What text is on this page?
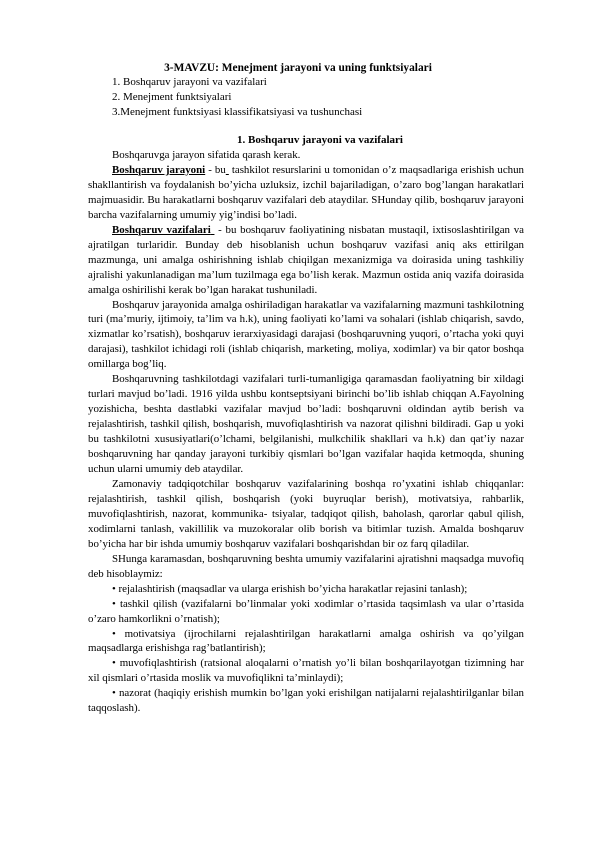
3-MAVZU: Menejment jarayoni va uning funktsiyalari
1. Boshqaruv jarayoni va vazifalari
2. Menejment funktsiyalari
3.Menejment funktsiyasi klassifikatsiyasi va tushunchasi
1. Boshqaruv jarayoni va vazifalari

Boshqaruvga jarayon sifatida qarash kerak.

Boshqaruv jarayoni - bu  tashkilot resurslarini u tomonidan o’z maqsadlariga erishish uchun shakllantirish va foydalanish bo’yicha uzluksiz, izchil bajariladigan, o’zaro bog’langan harakatlari majmuasidir. Bu harakatlarni boshqaruv vazifalari deb ataydilar. SHunday qilib, boshqaruv jarayoni barcha vazifalarning umumiy yig’indisi bo’ladi.

Boshqaruv vazifalari  - bu boshqaruv faoliyatining nisbatan mustaqil, ixtisoslashtirilgan va ajratilgan turlaridir. Bunday deb hisoblanish uchun boshqaruv vazifasi aniq aks ettirilgan mazmunga, uni amalga oshirishning ishlab chiqilgan mexanizmiga va doirasida uning tashkiliy ajralishi yakunlanadigan ma’lum tuzilmaga ega bo’lish kerak. Mazmun ostida aniq vazifa doirasida amalga oshirilishi kerak bo’lgan harakat tushuniladi.

Boshqaruv jarayonida amalga oshiriladigan harakatlar va vazifalarning mazmuni tashkilotning turi (ma’muriy, ijtimoiy, ta’lim va h.k), uning faoliyati ko’lami va sohalari (ishlab chiqarish, savdo, xizmatlar ko’rsatish), boshqaruv ierarxiyasidagi darajasi (boshqaruvning yuqori, o’rtacha yoki quyi darajasi), tashkilot ichidagi roli (ishlab chiqarish, marketing, moliya, xodimlar) va bir qator boshqa omillarga bog’liq.

Boshqaruvning tashkilotdagi vazifalari turli-tumanligiga qaramasdan faoliyatning bir xildagi turlari mavjud bo’ladi. 1916 yilda ushbu kontseptsiyani birinchi bo’lib ishlab chiqqan A.Fayolning yozishicha, beshta dastlabki vazifalar mavjud bo’ladi: boshqaruvni oldindan aytib berish va rejalashtirish, tashkil qilish, boshqarish, muvofiqlashtirish va nazorat qilishni bildiradi. Gap u yoki bu tashkilotni xususiyatlari(o’lchami, belgilanishi, mulkchilik shakllari va h.k) dan qat’iy nazar boshqaruvning har qanday jarayoni turkibiy qismlari bo’lgan vazifalar haqida ketmoqda, shuning uchun ularni umumiy deb ataydilar.

Zamonaviy tadqiqotchilar boshqaruv vazifalarining boshqa ro’yxatini ishlab chiqqanlar: rejalashtirish, tashkil qilish, boshqarish (yoki buyruqlar berish), motivatsiya, rahbarlik, muvofiqlashtirish, nazorat, kommunika- tsiyalar, tadqiqot qilish, baholash, qarorlar qabul qilish, xodimlarni tanlash, vakillilik va muzokoralar olib borish va bitimlar tuzish. Amalda boshqaruv bo’yicha har bir ishda umumiy boshqaruv vazifalari boshqarishdan bir oz farq qiladilar.

SHunga karamasdan, boshqaruvning beshta umumiy vazifalarini ajratishni maqsadga muvofiq deb hisoblaymiz:

• rejalashtirish (maqsadlar va ularga erishish bo’yicha harakatlar rejasini tanlash);

• tashkil qilish (vazifalarni bo’linmalar yoki xodimlar o’rtasida taqsimlash va ular o’rtasida o’zaro hamkorlikni o’rnatish);

• motivatsiya (ijrochilarni rejalashtirilgan harakatlarni amalga oshirish va qo’yilgan maqsadlarga erishishga rag’batlantirish);

• muvofiqlashtirish (ratsional aloqalarni o’rnatish yo’li bilan boshqarilayotgan tizimning har xil qismlari o’rtasida moslik va muvofiqlikni ta’minlaydi);

• nazorat (haqiqiy erishish mumkin bo’lgan yoki erishilgan natijalarni rejalashtirilganlar bilan taqqoslash).
